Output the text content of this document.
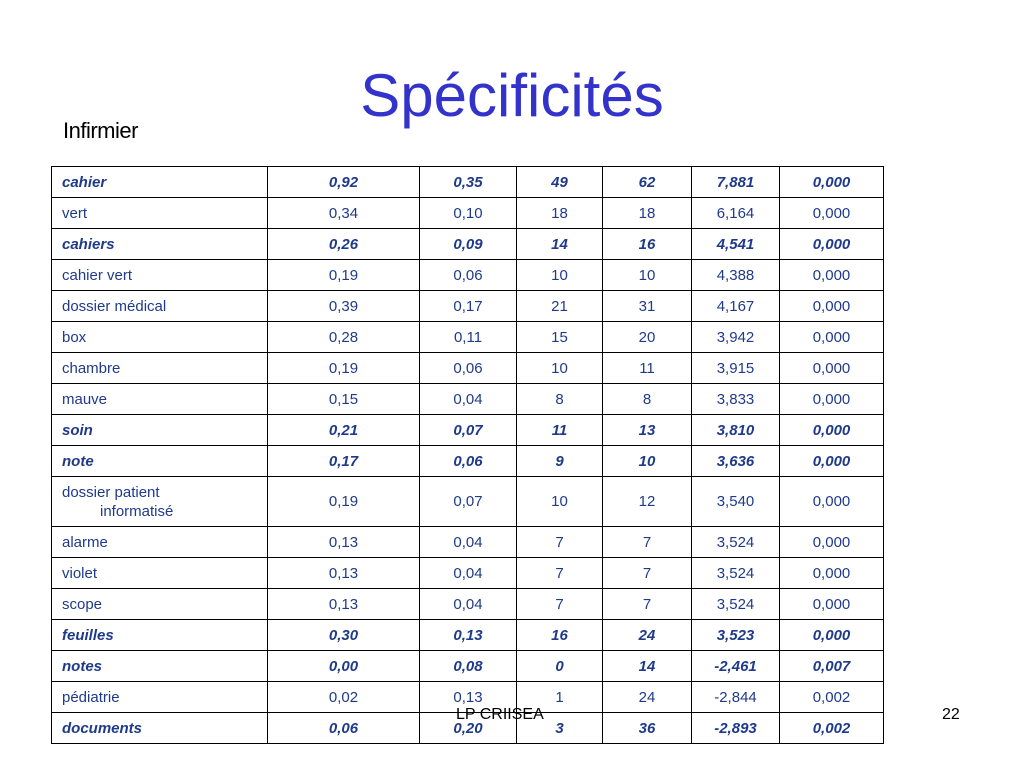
Spécificités
Infirmier
cahier	0,92	0,35	49	62	7,881	0,000
vert	0,34	0,10	18	18	6,164	0,000
cahiers	0,26	0,09	14	16	4,541	0,000
cahier vert	0,19	0,06	10	10	4,388	0,000
dossier médical	0,39	0,17	21	31	4,167	0,000
box	0,28	0,11	15	20	3,942	0,000
chambre	0,19	0,06	10	11	3,915	0,000
mauve	0,15	0,04	8	8	3,833	0,000
soin	0,21	0,07	11	13	3,810	0,000
note	0,17	0,06	9	10	3,636	0,000

dossier patient
informatisé	0,19	0,07	10	12	3,540	0,000
alarme	0,13	0,04	7	7	3,524	0,000
violet	0,13	0,04	7	7	3,524	0,000
scope	0,13	0,04	7	7	3,524	0,000
feuilles	0,30	0,13	16	24	3,523	0,000
notes	0,00	0,08	0	14	-2,461	0,007
pédiatrie	0,02	0,13	1	24	-2,844	0,002
documents	0,06	0,20	3	36	-2,893	0,002
LP CRIISEA	22
